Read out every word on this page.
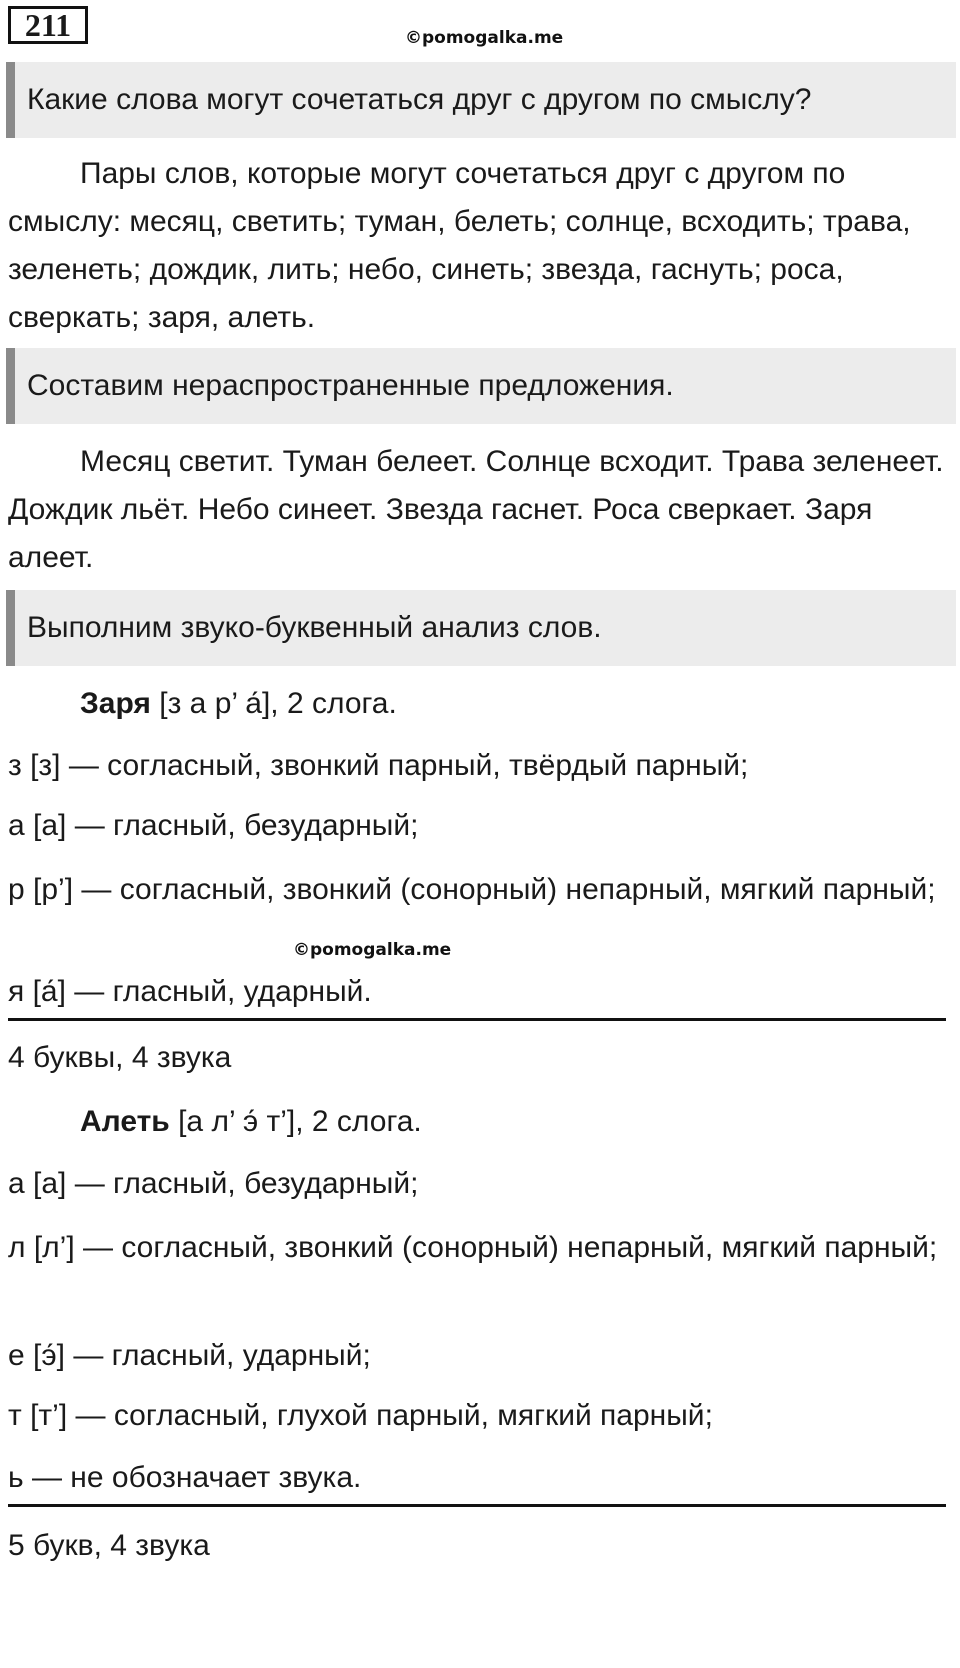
211	©pomogalka.me
Какие слова могут сочетаться друг с другом по смыслу?

Пары слов, которые могут сочетаться друг с другом по смыслу: месяц, светить; туман, белеть; солнце, всходить; трава, зеленеть; дождик, лить; небо, синеть; звезда, гаснуть; роса, сверкать; заря, алеть.

Составим нераспространенные предложения.

Месяц светит. Туман белеет. Солнце всходит. Трава зеленеет. Дождик льёт. Небо синеет. Звезда гаснет. Роса сверкает. Заря алеет.

Выполним звуко-буквенный анализ слов.
Заря [з а р’ а́], 2 слога.
з [з] — согласный, звонкий парный, твёрдый парный;
а [а] — гласный, безударный;
р [р’] — согласный, звонкий (сонорный) непарный, мягкий парный;
©pomogalka.me
я [а́] — гласный, ударный.
4 буквы, 4 звука
Алеть [а л’ э́ т’], 2 слога.
а [а] — гласный, безударный;
л [л’] — согласный, звонкий (сонорный) непарный, мягкий парный;
е [э́] — гласный, ударный;
т [т’] — согласный, глухой парный, мягкий парный;
ь — не обозначает звука.
5 букв, 4 звука
